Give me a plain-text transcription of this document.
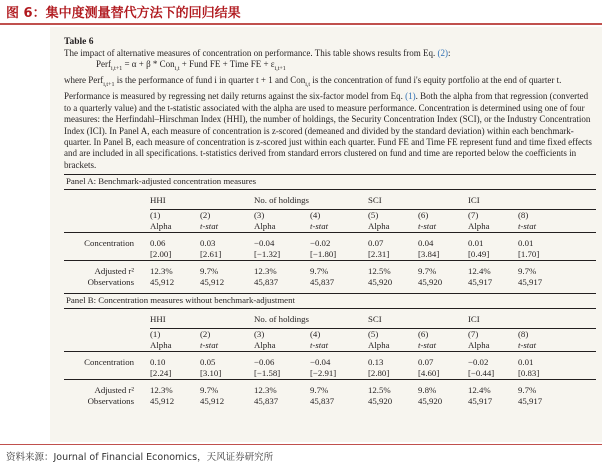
图 6：集中度测量替代方法下的回归结果
Table 6
The impact of alternative measures of concentration on performance. This table shows results from Eq. (2):
Perf$_{i,t+1}$ = α + β * Con$_{i,t}$ + Fund FE + Time FE + $\varepsilon_{i,t+1}$
where Perf$_{i,t+1}$ is the performance of fund i in quarter t + 1 and Con$_{i,t}$ is the concentration of fund i's equity portfolio at the end of quarter t. Performance is measured by regressing net daily returns against the six-factor model from Eq. (1). Both the alpha from that regression (converted to a quarterly value) and the t-statistic associated with the alpha are used to measure performance. Concentration is determined using one of four measures: the Herfindahl–Hirschman Index (HHI), the number of holdings, the Security Concentration Index (SCI), or the Industry Concentration Index (ICI). In Panel A, each measure of concentration is z-scored (demeaned and divided by the standard deviation) within each benchmark-quarter. In Panel B, each measure of concentration is z-scored just within each quarter. Fund FE and Time FE represent fund and time fixed effects and are included in all specifications. t-statistics derived from standard errors clustered on fund and time are reported below the coefficients in brackets.
Panel A: Benchmark-adjusted concentration measures								
	HHI		No. of holdings		SCI		ICI	
	(1)	(2)	(3)	(4)	(5)	(6)	(7)	(8)
	Alpha	t-stat	Alpha	t-stat	Alpha	t-stat	Alpha	t-stat

Concentration	0.06	0.03	−0.04	−0.02	0.07	0.04	0.01	0.01
	[2.00]	[2.61]	[−1.32]	[−1.80]	[2.31]	[3.84]	[0.49]	[1.70]

Adjusted r²	12.3%	9.7%	12.3%	9.7%	12.5%	9.7%	12.4%	9.7%
Observations	45,912	45,912	45,837	45,837	45,920	45,920	45,917	45,917

Panel B: Concentration measures without benchmark-adjustment								
	HHI		No. of holdings		SCI		ICI	
	(1)	(2)	(3)	(4)	(5)	(6)	(7)	(8)
	Alpha	t-stat	Alpha	t-stat	Alpha	t-stat	Alpha	t-stat

Concentration	0.10	0.05	−0.06	−0.04	0.13	0.07	−0.02	0.01
	[2.24]	[3.10]	[−1.58]	[−2.91]	[2.80]	[4.60]	[−0.44]	[0.83]

Adjusted r²	12.3%	9.7%	12.3%	9.7%	12.5%	9.8%	12.4%	9.7%
Observations	45,912	45,912	45,837	45,837	45,920	45,920	45,917	45,917

资料来源：Journal of Financial Economics，天风证券研究所
